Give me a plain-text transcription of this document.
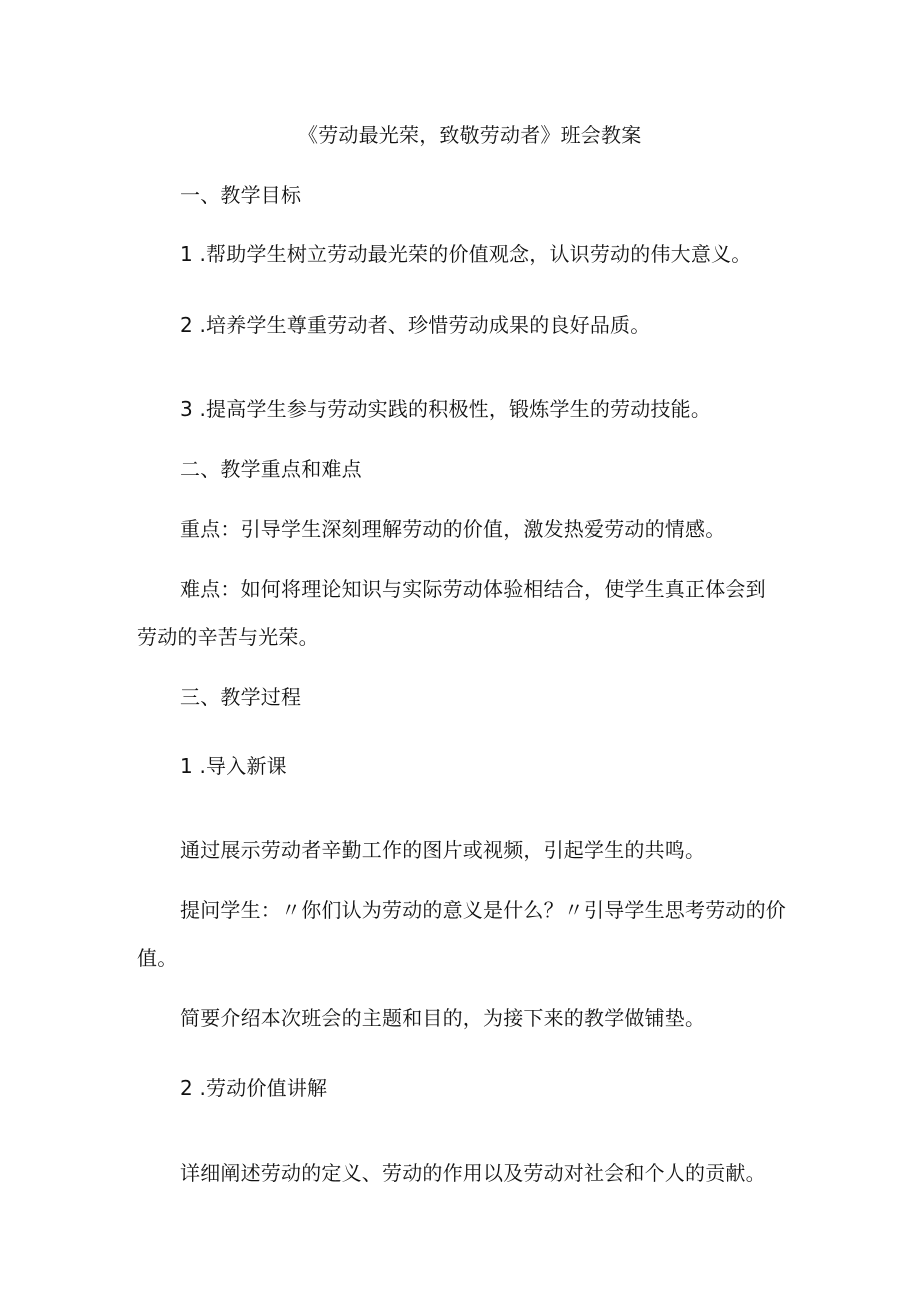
《劳动最光荣，致敬劳动者》班会教案
一、教学目标
1 .帮助学生树立劳动最光荣的价值观念，认识劳动的伟大意义。
2 .培养学生尊重劳动者、珍惜劳动成果的良好品质。
3 .提高学生参与劳动实践的积极性，锻炼学生的劳动技能。
二、教学重点和难点
重点：引导学生深刻理解劳动的价值，激发热爱劳动的情感。
难点：如何将理论知识与实际劳动体验相结合，使学生真正体会到
劳动的辛苦与光荣。
三、教学过程
1 .导入新课
通过展示劳动者辛勤工作的图片或视频，引起学生的共鸣。
提问学生：〃你们认为劳动的意义是什么？〃引导学生思考劳动的价
值。
简要介绍本次班会的主题和目的，为接下来的教学做铺垫。
2 .劳动价值讲解
详细阐述劳动的定义、劳动的作用以及劳动对社会和个人的贡献。
